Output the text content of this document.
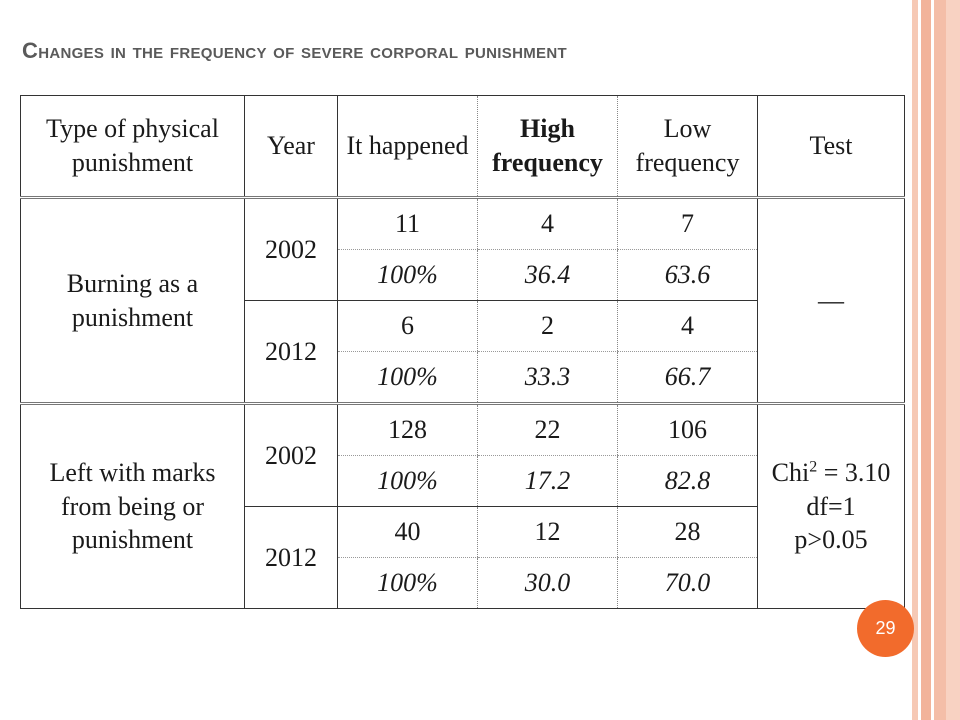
Changes in the frequency of severe corporal punishment
Type of physical punishment	Year	It happened	High frequency	Low frequency	Test
Burning as a punishment	2002	11	4	7	—
		100%	36.4	63.6	
	2012	6	2	4	
		100%	33.3	66.7	
Left with marks from being or punishment	2002	128	22	106	Chi$^2$ = 3.10
df=1
p>0.05

		100%	17.2	82.8	
	2012	40	12	28	
		100%	30.0	70.0	
29
